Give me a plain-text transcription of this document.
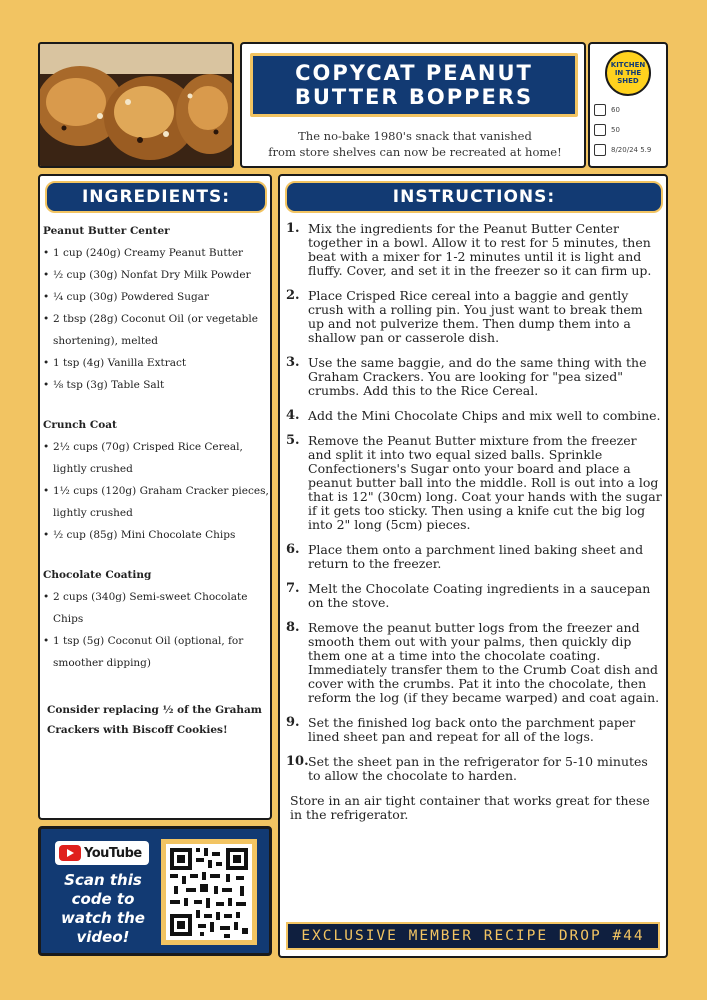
COPYCAT PEANUT
BUTTER BOPPERS
The no-bake 1980's snack that vanished
from store shelves can now be recreated at home!
KITCHEN
IN THE
SHED
60
50
8/20/24 5.9
INGREDIENTS:
Peanut Butter Center
• 1 cup (240g) Creamy Peanut Butter
• ½ cup (30g) Nonfat Dry Milk Powder
• ¼ cup (30g) Powdered Sugar
• 2 tbsp (28g) Coconut Oil (or vegetable shortening), melted
• 1 tsp (4g) Vanilla Extract
• ⅛ tsp (3g) Table Salt
Crunch Coat
• 2½ cups (70g) Crisped Rice Cereal, lightly crushed
• 1½ cups (120g) Graham Cracker pieces, lightly crushed
• ½ cup (85g) Mini Chocolate Chips
Chocolate Coating
• 2 cups (340g) Semi-sweet Chocolate Chips
• 1 tsp (5g) Coconut Oil (optional, for smoother dipping)
Consider replacing ½ of the Graham Crackers with Biscoff Cookies!
YouTube
Scan this
code to
watch the
video!
INSTRUCTIONS:
1. Mix the ingredients for the Peanut Butter Center together in a bowl. Allow it to rest for 5 minutes, then beat with a mixer for 1-2 minutes until it is light and fluffy. Cover, and set it in the freezer so it can firm up.
2. Place Crisped Rice cereal into a baggie and gently crush with a rolling pin. You just want to break them up and not pulverize them. Then dump them into a shallow pan or casserole dish.
3. Use the same baggie, and do the same thing with the Graham Crackers. You are looking for "pea sized" crumbs. Add this to the Rice Cereal.
4. Add the Mini Chocolate Chips and mix well to combine.
5. Remove the Peanut Butter mixture from the freezer and split it into two equal sized balls. Sprinkle Confectioners's Sugar onto your board and place a peanut butter ball into the middle. Roll is out into a log that is 12" (30cm) long. Coat your hands with the sugar if it gets too sticky. Then using a knife cut the big log into 2" long (5cm) pieces.
6. Place them onto a parchment lined baking sheet and return to the freezer.
7. Melt the Chocolate Coating ingredients in a saucepan on the stove.
8. Remove the peanut butter logs from the freezer and smooth them out with your palms, then quickly dip them one at a time into the chocolate coating. Immediately transfer them to the Crumb Coat dish and cover with the crumbs. Pat it into the chocolate, then reform the log (if they became warped) and coat again.
9. Set the finished log back onto the parchment paper lined sheet pan and repeat for all of the logs.
10. Set the sheet pan in the refrigerator for 5-10 minutes to allow the chocolate to harden.
Store in an air tight container that works great for these in the refrigerator.
EXCLUSIVE MEMBER RECIPE DROP #44
